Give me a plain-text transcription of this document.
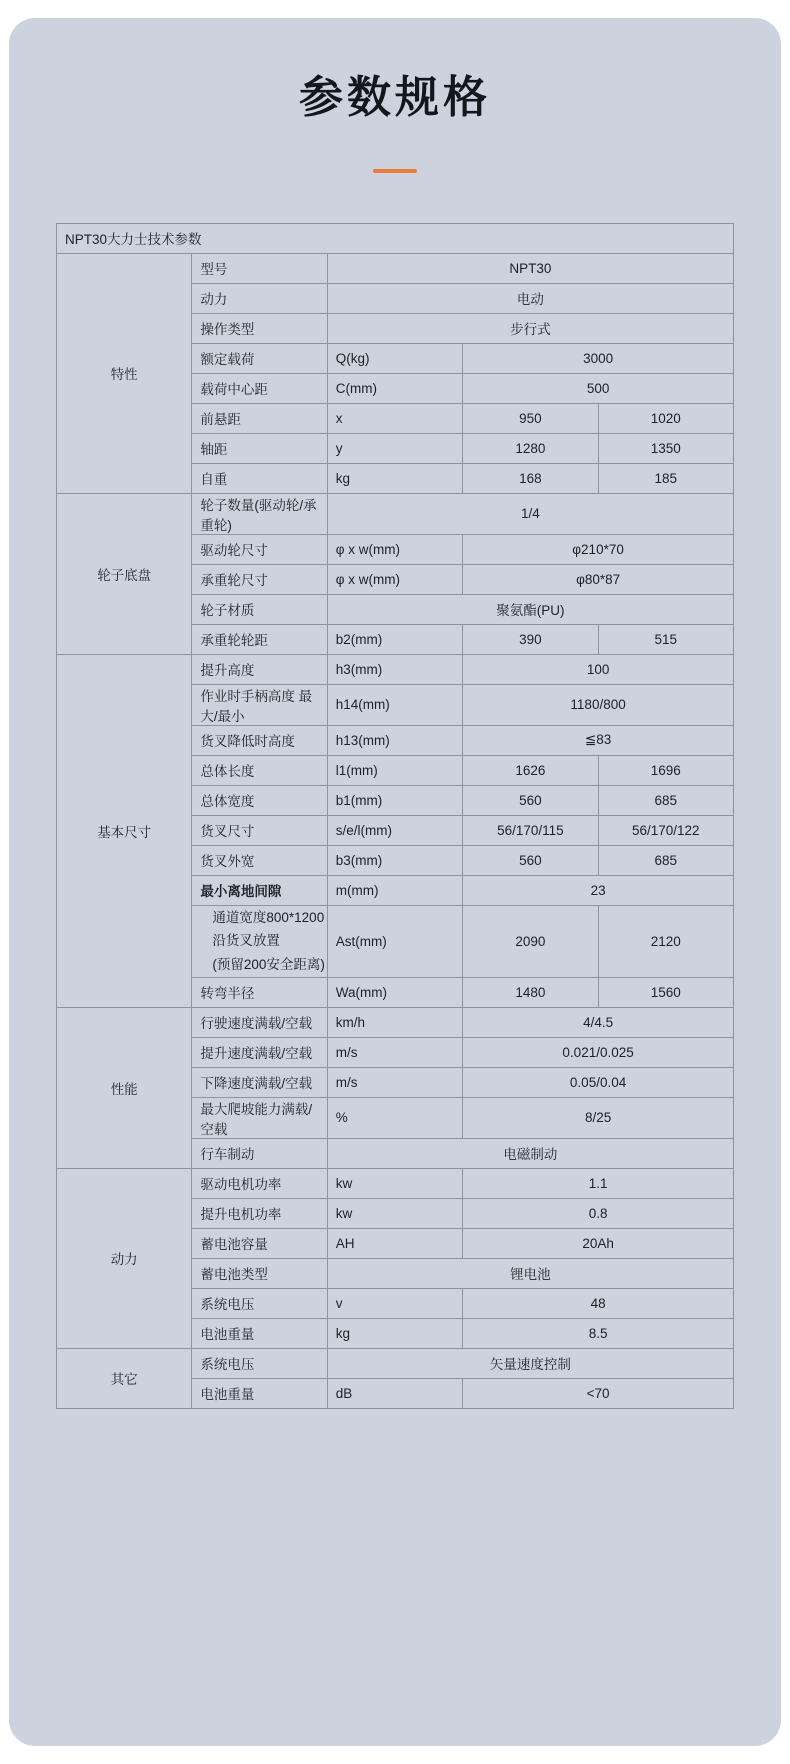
参数规格
NPT30大力士技术参数				
特性	型号	NPT30		
	动力	电动		
	操作类型	步行式		
	额定载荷	Q(kg)	3000	
	载荷中心距	C(mm)	500	
	前悬距	x	950	1020
	轴距	y	1280	1350
	自重	kg	168	185
轮子底盘	轮子数量(驱动轮/承重轮)	1/4		
	驱动轮尺寸	φ x w(mm)	φ210*70	
	承重轮尺寸	φ x w(mm)	φ80*87	
	轮子材质	聚氨酯(PU)		
	承重轮轮距	b2(mm)	390	515
基本尺寸	提升高度	h3(mm)	100	
	作业时手柄高度 最大/最小	h14(mm)	1180/800	
	货叉降低时高度	h13(mm)	≦83	
	总体长度	l1(mm)	1626	1696
	总体宽度	b1(mm)	560	685
	货叉尺寸	s/e/l(mm)	56/170/115	56/170/122
	货叉外宽	b3(mm)	560	685
	最小离地间隙	m(mm)	23	

	通道宽度800*1200
沿货叉放置
(预留200安全距离)	Ast(mm)	2090	2120
	转弯半径	Wa(mm)	1480	1560
性能	行驶速度满载/空载	km/h	4/4.5	
	提升速度满载/空载	m/s	0.021/0.025	
	下降速度满载/空载	m/s	0.05/0.04	
	最大爬坡能力满载/空载	%	8/25	
	行车制动	电磁制动		
动力	驱动电机功率	kw	1.1	
	提升电机功率	kw	0.8	
	蓄电池容量	AH	20Ah	
	蓄电池类型	锂电池		
	系统电压	v	48	
	电池重量	kg	8.5	
其它	系统电压	矢量速度控制		
	电池重量	dB	<70	
